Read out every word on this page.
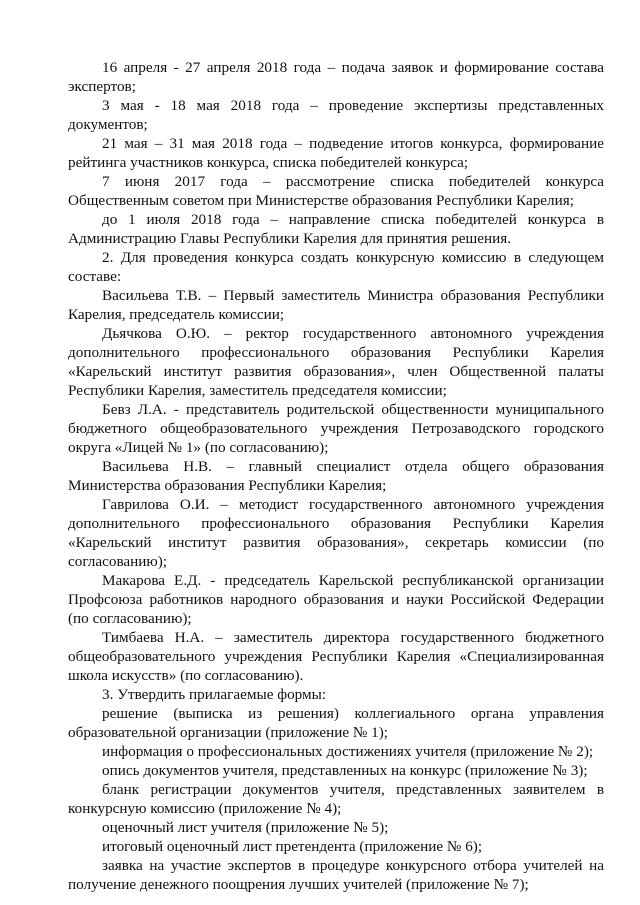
16 апреля - 27 апреля 2018 года – подача заявок и формирование состава экспертов;

3 мая - 18 мая 2018 года – проведение экспертизы представленных документов;

21 мая – 31 мая 2018 года – подведение итогов конкурса, формирование рейтинга участников конкурса, списка победителей конкурса;

7 июня 2017 года – рассмотрение списка победителей конкурса Общественным советом при Министерстве образования Республики Карелия;

до 1 июля 2018 года – направление списка победителей конкурса в Администрацию Главы Республики Карелия для принятия решения.

2. Для проведения конкурса создать конкурсную комиссию в следующем составе:

Васильева Т.В. – Первый заместитель Министра образования Республики Карелия, председатель комиссии;

Дьячкова О.Ю. – ректор государственного автономного учреждения дополнительного профессионального образования Республики Карелия «Карельский институт развития образования», член Общественной палаты Республики Карелия, заместитель председателя комиссии;

Бевз Л.А. - представитель родительской общественности муниципального бюджетного общеобразовательного учреждения Петрозаводского городского округа «Лицей № 1» (по согласованию);

Васильева Н.В. – главный специалист отдела общего образования Министерства образования Республики Карелия;

Гаврилова О.И. – методист государственного автономного учреждения дополнительного профессионального образования Республики Карелия «Карельский институт развития образования», секретарь комиссии (по согласованию);

Макарова Е.Д. - председатель Карельской республиканской организации Профсоюза работников народного образования и науки Российской Федерации (по согласованию);

Тимбаева Н.А. – заместитель директора государственного бюджетного общеобразовательного учреждения Республики Карелия «Специализированная школа искусств» (по согласованию).

3. Утвердить прилагаемые формы:

решение (выписка из решения) коллегиального органа управления образовательной организации (приложение № 1);

информация о профессиональных достижениях учителя (приложение № 2);

опись документов учителя, представленных на конкурс (приложение № 3);

бланк регистрации документов учителя, представленных заявителем в конкурсную комиссию (приложение № 4);

оценочный лист учителя (приложение № 5);

итоговый оценочный лист претендента (приложение № 6);

заявка на участие экспертов в процедуре конкурсного отбора учителей на получение денежного поощрения лучших учителей (приложение № 7);
